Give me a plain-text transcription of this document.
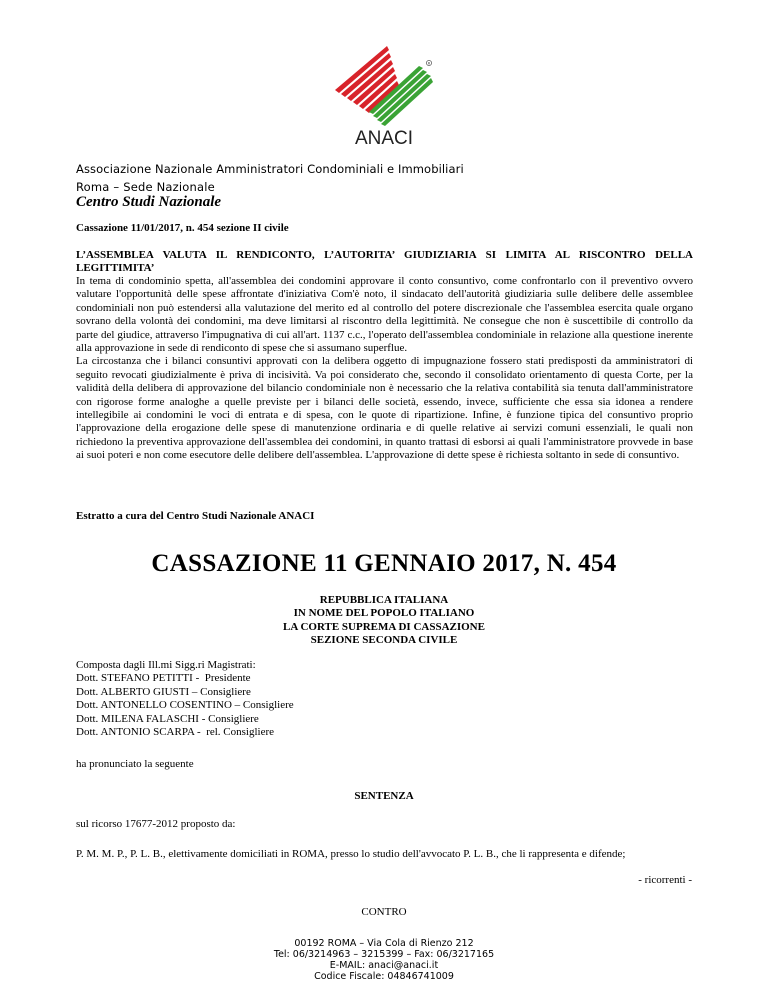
R
ANACI
Associazione Nazionale Amministratori Condominiali e Immobiliari
Roma – Sede Nazionale
Centro Studi Nazionale
Cassazione 11/01/2017, n. 454 sezione II civile
L’ASSEMBLEA VALUTA IL RENDICONTO, L’AUTORITA’ GIUDIZIARIA SI LIMITA AL RISCONTRO DELLA LEGITTIMITA’

In tema di condominio spetta, all'assemblea dei condomini approvare il conto consuntivo, come confrontarlo con il preventivo ovvero valutare l'opportunità delle spese affrontate d'iniziativa Com'è noto, il sindacato dell'autorità giudiziaria sulle delibere delle assemblee condominiali non può estendersi alla valutazione del merito ed al controllo del potere discrezionale che l'assemblea esercita quale organo sovrano della volontà dei condomini, ma deve limitarsi al riscontro della legittimità. Ne consegue che non è suscettibile di controllo da parte del giudice, attraverso l'impugnativa di cui all'art. 1137 c.c., l'operato dell'assemblea condominiale in relazione alla questione inerente alla approvazione in sede di rendiconto di spese che si assumano superflue.

La circostanza che i bilanci consuntivi approvati con la delibera oggetto di impugnazione fossero stati predisposti da amministratori di seguito revocati giudizialmente è priva di incisività. Va poi considerato che, secondo il consolidato orientamento di questa Corte, per la validità della delibera di approvazione del bilancio condominiale non è necessario che la relativa contabilità sia tenuta dall'amministratore con rigorose forme analoghe a quelle previste per i bilanci delle società, essendo, invece, sufficiente che essa sia idonea a rendere intellegibile ai condomini le voci di entrata e di spesa, con le quote di ripartizione. Infine, è funzione tipica del consuntivo proprio l'approvazione della erogazione delle spese di manutenzione ordinaria e di quelle relative ai servizi comuni essenziali, le quali non richiedono la preventiva approvazione dell'assemblea dei condomini, in quanto trattasi di esborsi ai quali l'amministratore provvede in base ai suoi poteri e non come esecutore delle delibere dell'assemblea. L'approvazione di dette spese è richiesta soltanto in sede di consuntivo.

Estratto a cura del Centro Studi Nazionale ANACI
CASSAZIONE 11 GENNAIO 2017, N. 454
REPUBBLICA ITALIANA
IN NOME DEL POPOLO ITALIANO
LA CORTE SUPREMA DI CASSAZIONE
SEZIONE SECONDA CIVILE
Composta dagli Ill.mi Sigg.ri Magistrati:
Dott. STEFANO PETITTI -  Presidente
Dott. ALBERTO GIUSTI – Consigliere
Dott. ANTONELLO COSENTINO – Consigliere
Dott. MILENA FALASCHI - Consigliere
Dott. ANTONIO SCARPA -  rel. Consigliere
ha pronunciato la seguente
SENTENZA
sul ricorso 17677-2012 proposto da:
P. M. M. P., P. L. B., elettivamente domiciliati in ROMA, presso lo studio dell'avvocato P. L. B., che li rappresenta e difende;
- ricorrenti -
CONTRO
00192 ROMA – Via Cola di Rienzo 212
Tel: 06/3214963 – 3215399 – Fax: 06/3217165
E-MAIL: anaci@anaci.it
Codice Fiscale: 04846741009
